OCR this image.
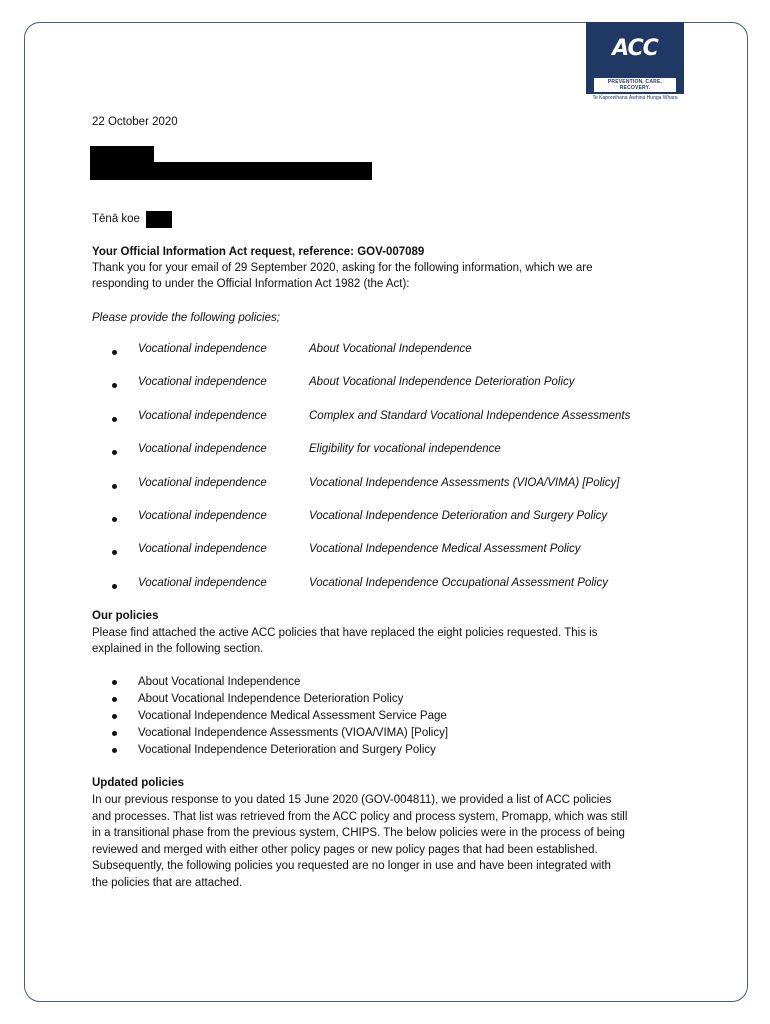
ACC
PREVENTION. CARE. RECOVERY.
Te Kaporeihana Āwhina Hunga Whara
22 October 2020
Tēnā koe
Your Official Information Act request, reference: GOV-007089
Thank you for your email of 29 September 2020, asking for the following information, which we are
responding to under the Official Information Act 1982 (the Act):
Please provide the following policies;
Vocational independence	About Vocational Independence
Vocational independence	About Vocational Independence Deterioration Policy
Vocational independence	Complex and Standard Vocational Independence Assessments
Vocational independence	Eligibility for vocational independence
Vocational independence	Vocational Independence Assessments (VIOA/VIMA) [Policy]
Vocational independence	Vocational Independence Deterioration and Surgery Policy
Vocational independence	Vocational Independence Medical Assessment Policy
Vocational independence	Vocational Independence Occupational Assessment Policy
Our policies
Please find attached the active ACC policies that have replaced the eight policies requested. This is
explained in the following section.
About Vocational Independence
About Vocational Independence Deterioration Policy
Vocational Independence Medical Assessment Service Page
Vocational Independence Assessments (VIOA/VIMA) [Policy]
Vocational Independence Deterioration and Surgery Policy
Updated policies
In our previous response to you dated 15 June 2020 (GOV-004811), we provided a list of ACC policies
and processes. That list was retrieved from the ACC policy and process system, Promapp, which was still
in a transitional phase from the previous system, CHIPS. The below policies were in the process of being
reviewed and merged with either other policy pages or new policy pages that had been established.
Subsequently, the following policies you requested are no longer in use and have been integrated with
the policies that are attached.
